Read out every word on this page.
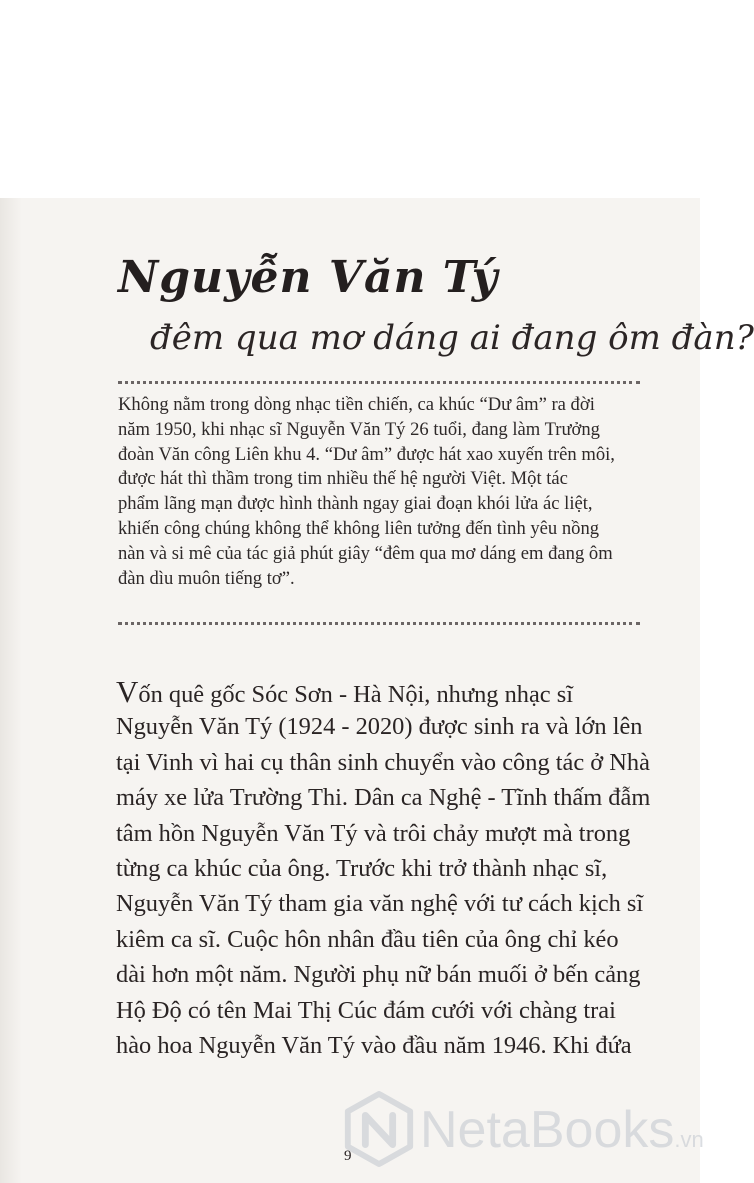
Nguyễn Văn Tý
đêm qua mơ dáng ai đang ôm đàn?
Không nằm trong dòng nhạc tiền chiến, ca khúc “Dư âm” ra đời
năm 1950, khi nhạc sĩ Nguyễn Văn Tý 26 tuổi, đang làm Trưởng
đoàn Văn công Liên khu 4. “Dư âm” được hát xao xuyến trên môi,
được hát thì thầm trong tim nhiều thế hệ người Việt. Một tác
phẩm lãng mạn được hình thành ngay giai đoạn khói lửa ác liệt,
khiến công chúng không thể không liên tưởng đến tình yêu nồng
nàn và si mê của tác giả phút giây “đêm qua mơ dáng em đang ôm
đàn dìu muôn tiếng tơ”.
Vốn quê gốc Sóc Sơn - Hà Nội, nhưng nhạc sĩ
Nguyễn Văn Tý (1924 - 2020) được sinh ra và lớn lên
tại Vinh vì hai cụ thân sinh chuyển vào công tác ở Nhà
máy xe lửa Trường Thi. Dân ca Nghệ - Tĩnh thấm đẫm
tâm hồn Nguyễn Văn Tý và trôi chảy mượt mà trong
từng ca khúc của ông. Trước khi trở thành nhạc sĩ,
Nguyễn Văn Tý tham gia văn nghệ với tư cách kịch sĩ
kiêm ca sĩ. Cuộc hôn nhân đầu tiên của ông chỉ kéo
dài hơn một năm. Người phụ nữ bán muối ở bến cảng
Hộ Độ có tên Mai Thị Cúc đám cưới với chàng trai
hào hoa Nguyễn Văn Tý vào đầu năm 1946. Khi đứa
9 NetaBooks.vn
